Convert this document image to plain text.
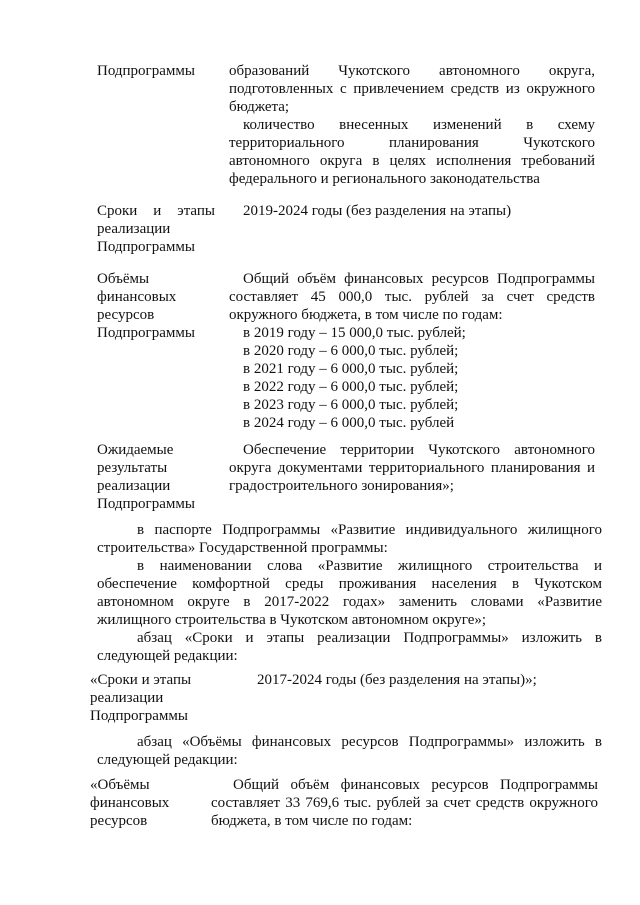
Подпрограммы образований Чукотского автономного округа,
подготовленных с привлечением средств из окружного
бюджета;
количество внесенных изменений в схему
территориального планирования Чукотского
автономного округа в целях исполнения требований
федерального и регионального законодательства
Сроки и этапы
реализации
Подпрограммы
2019-2024 годы (без разделения на этапы)
Объёмы
финансовых
ресурсов
Подпрограммы
Общий объём финансовых ресурсов Подпрограммы
составляет 45 000,0 тыс. рублей за счет средств
окружного бюджета, в том числе по годам:
в 2019 году – 15 000,0 тыс. рублей;
в 2020 году – 6 000,0 тыс. рублей;
в 2021 году – 6 000,0 тыс. рублей;
в 2022 году – 6 000,0 тыс. рублей;
в 2023 году – 6 000,0 тыс. рублей;
в 2024 году – 6 000,0 тыс. рублей
Ожидаемые
результаты
реализации
Подпрограммы
Обеспечение территории Чукотского автономного
округа документами территориального планирования и
градостроительного зонирования»;
в паспорте Подпрограммы «Развитие индивидуального жилищного
строительства» Государственной программы:
в наименовании слова «Развитие жилищного строительства и
обеспечение комфортной среды проживания населения в Чукотском
автономном округе в 2017-2022 годах» заменить словами «Развитие
жилищного строительства в Чукотском автономном округе»;
абзац «Сроки и этапы реализации Подпрограммы» изложить в
следующей редакции:
«Сроки и этапы
реализации
Подпрограммы
2017-2024 годы (без разделения на этапы)»;
абзац «Объёмы финансовых ресурсов Подпрограммы» изложить в
следующей редакции:
«Объёмы
финансовых
ресурсов
Общий объём финансовых ресурсов Подпрограммы
составляет 33 769,6 тыс. рублей за счет средств окружного
бюджета, в том числе по годам:
